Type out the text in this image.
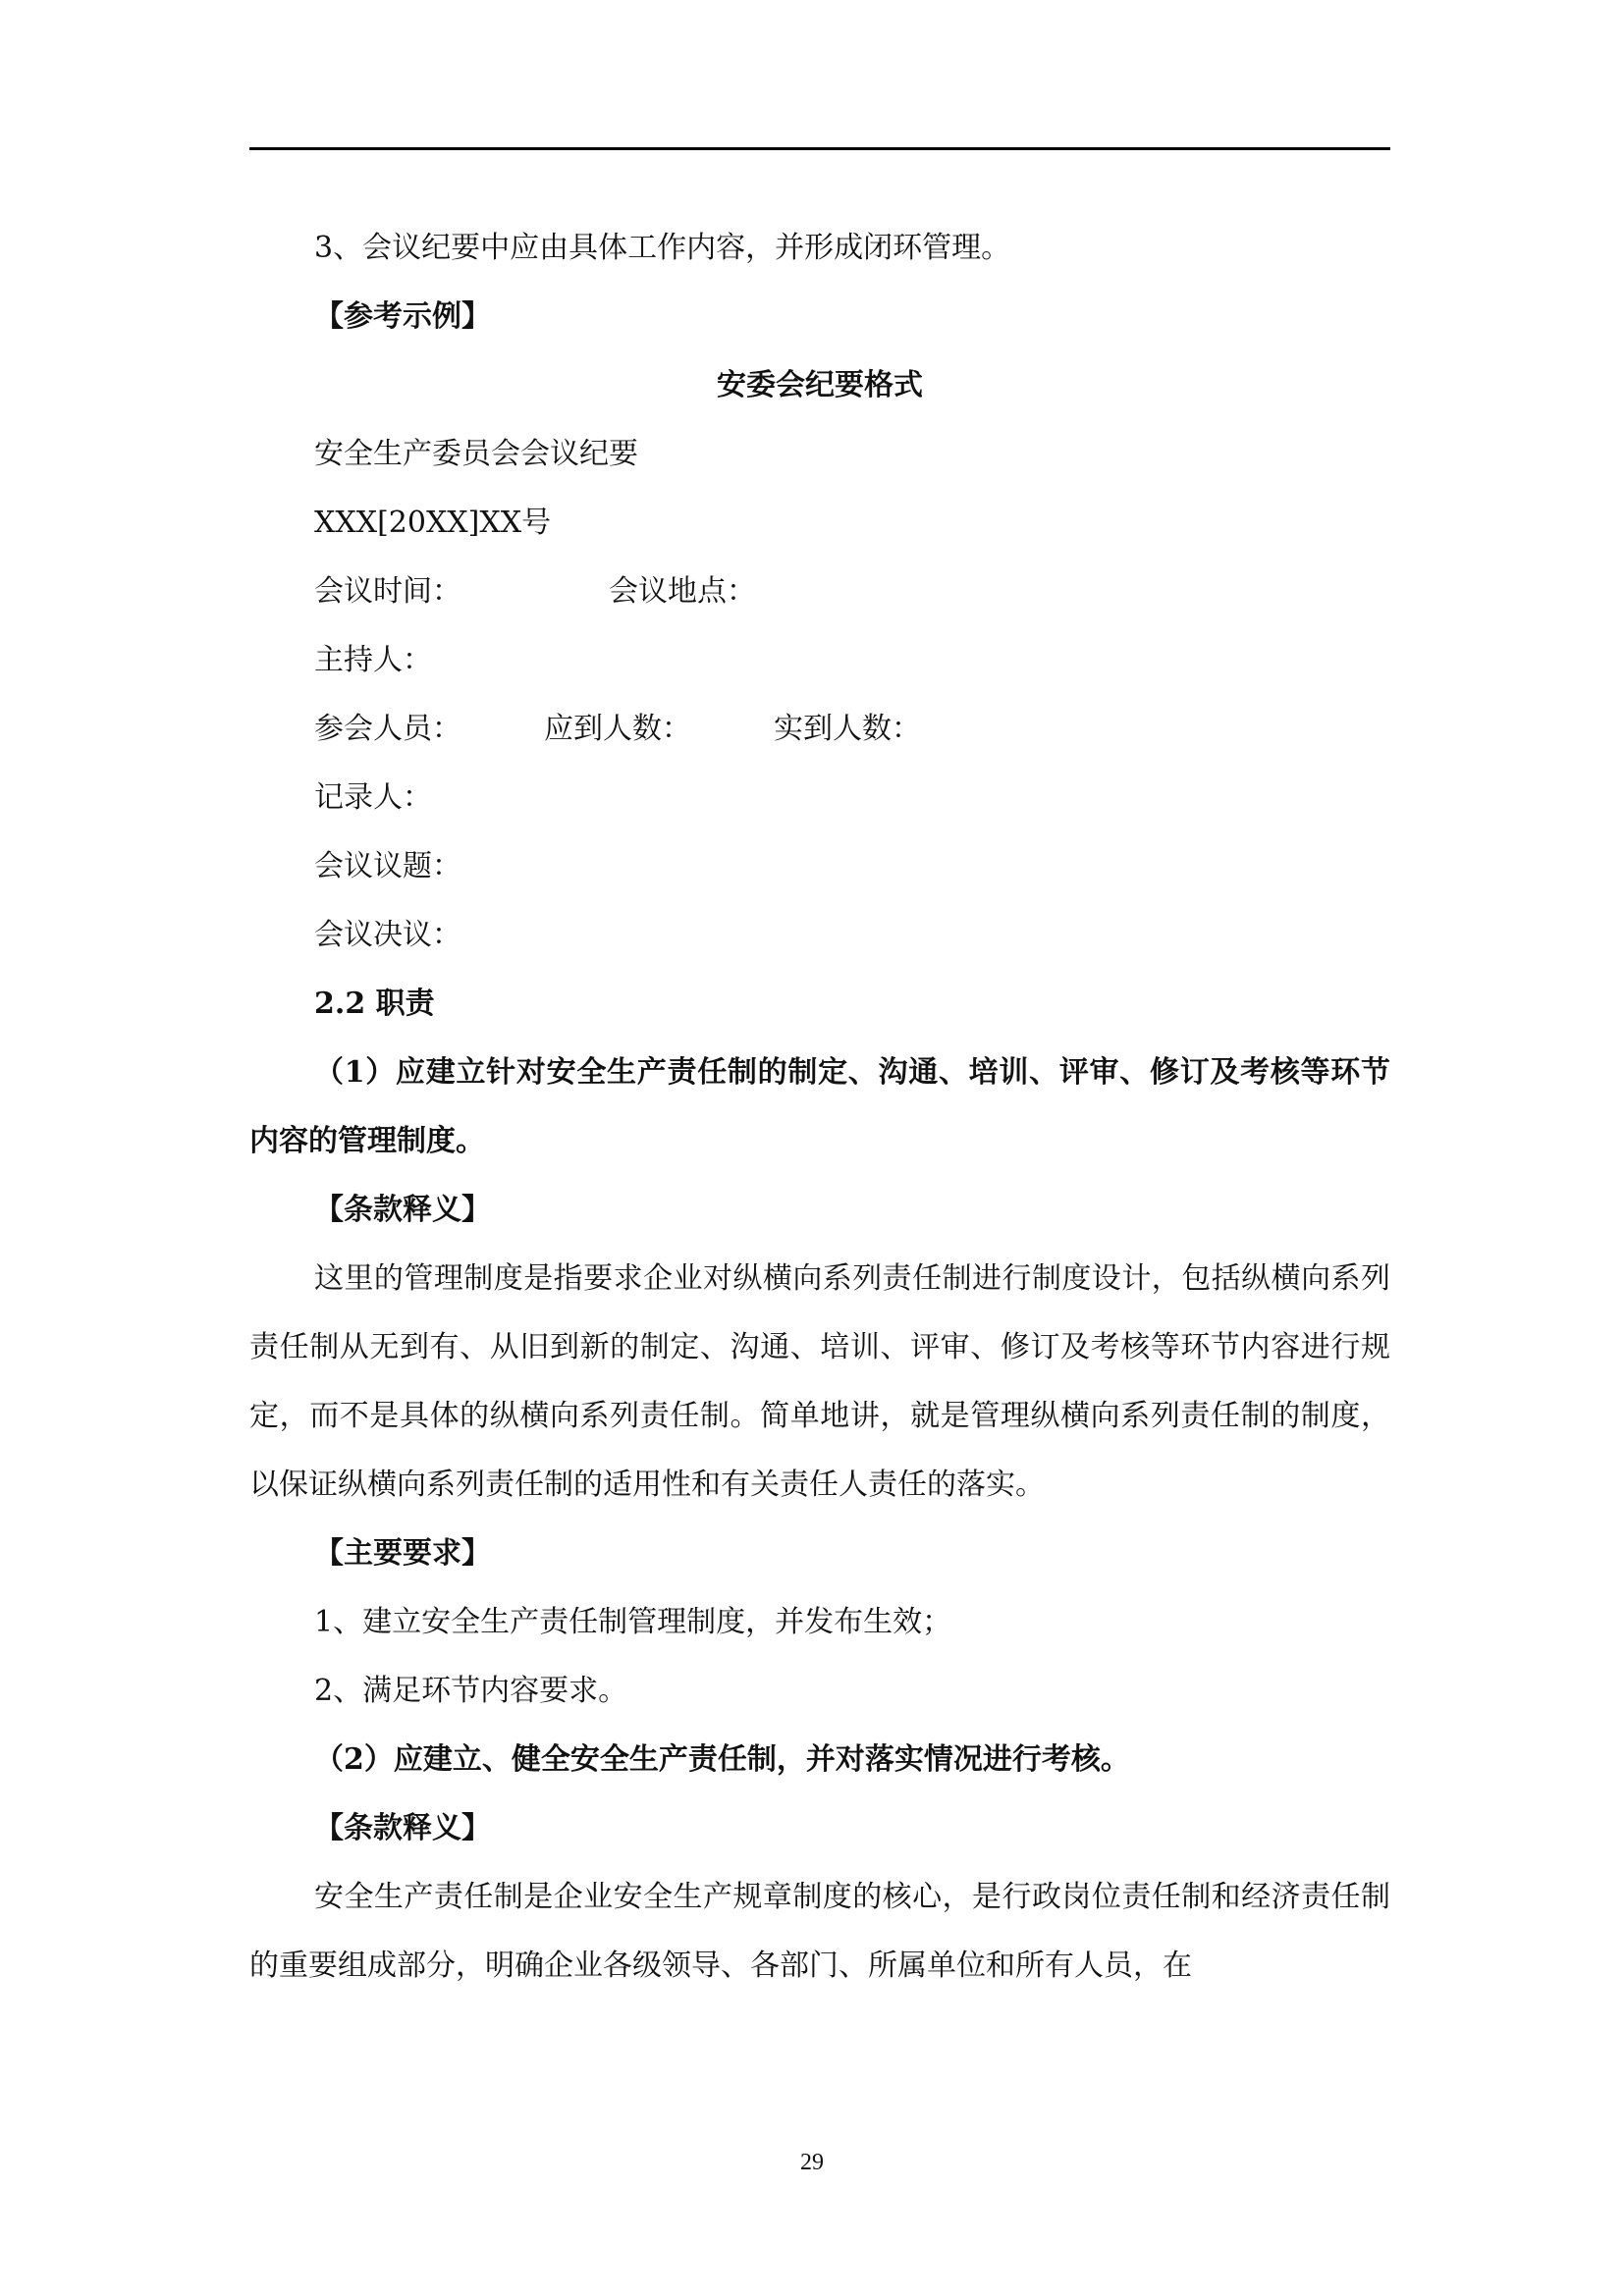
3、会议纪要中应由具体工作内容，并形成闭环管理。
【参考示例】
安委会纪要格式
安全生产委员会会议纪要
XXX[20XX]XX号
会议时间：	会议地点：
主持人：
参会人员：	应到人数：	实到人数：
记录人：
会议议题：
会议决议：
2.2 职责
（1）应建立针对安全生产责任制的制定、沟通、培训、评审、修订及考核等环节内容的管理制度。
【条款释义】
这里的管理制度是指要求企业对纵横向系列责任制进行制度设计，包括纵横向系列责任制从无到有、从旧到新的制定、沟通、培训、评审、修订及考核等环节内容进行规定，而不是具体的纵横向系列责任制。简单地讲，就是管理纵横向系列责任制的制度，以保证纵横向系列责任制的适用性和有关责任人责任的落实。
【主要要求】
1、建立安全生产责任制管理制度，并发布生效；
2、满足环节内容要求。
（2）应建立、健全安全生产责任制，并对落实情况进行考核。
【条款释义】
安全生产责任制是企业安全生产规章制度的核心，是行政岗位责任制和经济责任制的重要组成部分，明确企业各级领导、各部门、所属单位和所有人员，在
29
